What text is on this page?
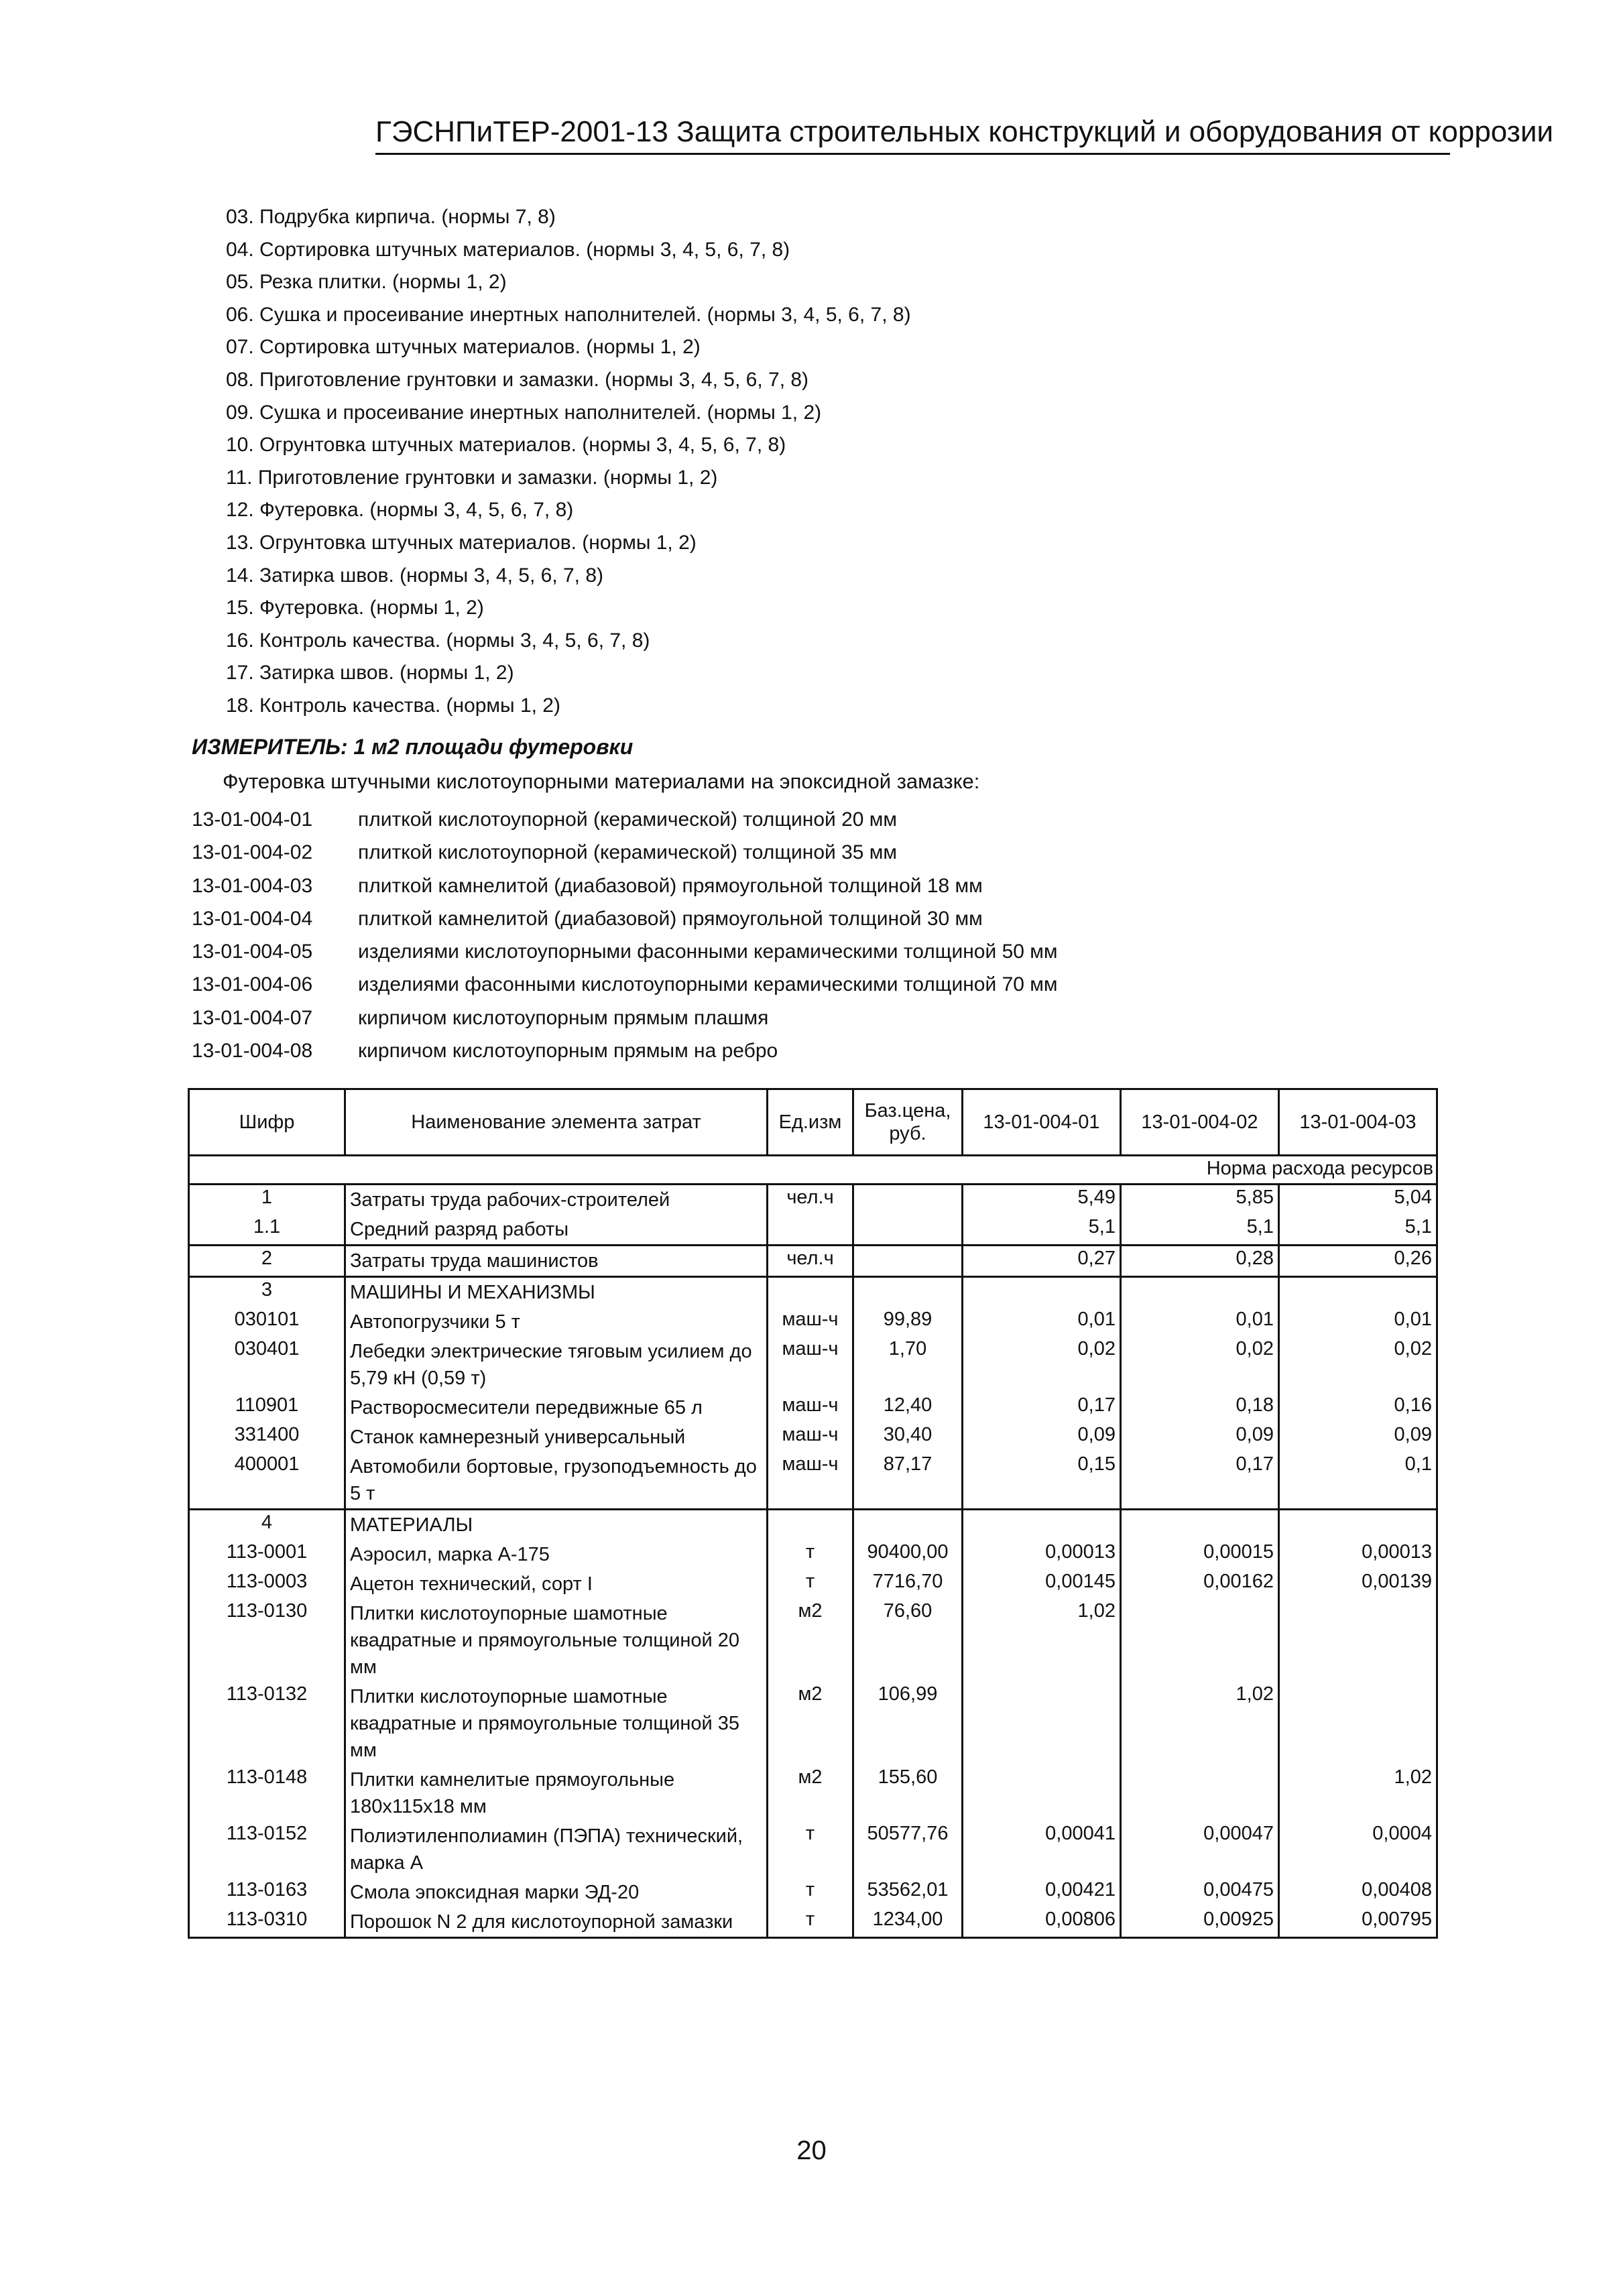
ГЭСНПиТЕР-2001-13 Защита строительных конструкций и оборудования от коррозии
03. Подрубка кирпича. (нормы 7, 8)
04. Сортировка штучных материалов. (нормы 3, 4, 5, 6, 7, 8)
05. Резка плитки. (нормы 1, 2)
06. Сушка и просеивание инертных наполнителей. (нормы 3, 4, 5, 6, 7, 8)
07. Сортировка штучных материалов. (нормы 1, 2)
08. Приготовление грунтовки и замазки. (нормы 3, 4, 5, 6, 7, 8)
09. Сушка и просеивание инертных наполнителей. (нормы 1, 2)
10. Огрунтовка штучных материалов. (нормы 3, 4, 5, 6, 7, 8)
11. Приготовление грунтовки и замазки. (нормы 1, 2)
12. Футеровка. (нормы 3, 4, 5, 6, 7, 8)
13. Огрунтовка штучных материалов. (нормы 1, 2)
14. Затирка швов. (нормы 3, 4, 5, 6, 7, 8)
15. Футеровка. (нормы 1, 2)
16. Контроль качества. (нормы 3, 4, 5, 6, 7, 8)
17. Затирка швов. (нормы 1, 2)
18. Контроль качества. (нормы 1, 2)
ИЗМЕРИТЕЛЬ: 1 м2 площади футеровки
Футеровка штучными кислотоупорными материалами на эпоксидной замазке:
13-01-004-01	плиткой кислотоупорной (керамической) толщиной 20 мм
13-01-004-02	плиткой кислотоупорной (керамической) толщиной 35 мм
13-01-004-03	плиткой камнелитой (диабазовой) прямоугольной толщиной 18 мм
13-01-004-04	плиткой камнелитой (диабазовой) прямоугольной толщиной 30 мм
13-01-004-05	изделиями кислотоупорными фасонными керамическими толщиной 50 мм
13-01-004-06	изделиями фасонными кислотоупорными керамическими толщиной 70 мм
13-01-004-07	кирпичом кислотоупорным прямым плашмя
13-01-004-08	кирпичом кислотоупорным прямым на ребро
Шифр	Наименование элемента затрат	Ед.изм	Баз.цена, руб.	13-01-004-01	13-01-004-02	13-01-004-03
Норма расхода ресурсов						
1	Затраты труда рабочих-строителей	чел.ч		5,49	5,85	5,04
1.1	Средний разряд работы			5,1	5,1	5,1
2	Затраты труда машинистов	чел.ч		0,27	0,28	0,26
3	МАШИНЫ И МЕХАНИЗМЫ					
030101	Автопогрузчики 5 т	маш-ч	99,89	0,01	0,01	0,01
030401	Лебедки электрические тяговым усилием до 5,79 кН (0,59 т)	маш-ч	1,70	0,02	0,02	0,02
110901	Растворосмесители передвижные 65 л	маш-ч	12,40	0,17	0,18	0,16
331400	Станок камнерезный универсальный	маш-ч	30,40	0,09	0,09	0,09
400001	Автомобили бортовые, грузоподъемность до 5 т	маш-ч	87,17	0,15	0,17	0,1
4	МАТЕРИАЛЫ					
113-0001	Аэросил, марка А-175	т	90400,00	0,00013	0,00015	0,00013
113-0003	Ацетон технический, сорт I	т	7716,70	0,00145	0,00162	0,00139
113-0130	Плитки кислотоупорные шамотные квадратные и прямоугольные толщиной 20 мм	м2	76,60	1,02		
113-0132	Плитки кислотоупорные шамотные квадратные и прямоугольные толщиной 35 мм	м2	106,99		1,02	
113-0148	Плитки камнелитые прямоугольные 180х115х18 мм	м2	155,60			1,02
113-0152	Полиэтиленполиамин (ПЭПА) технический, марка А	т	50577,76	0,00041	0,00047	0,0004
113-0163	Смола эпоксидная марки ЭД-20	т	53562,01	0,00421	0,00475	0,00408
113-0310	Порошок N 2 для кислотоупорной замазки	т	1234,00	0,00806	0,00925	0,00795
20
